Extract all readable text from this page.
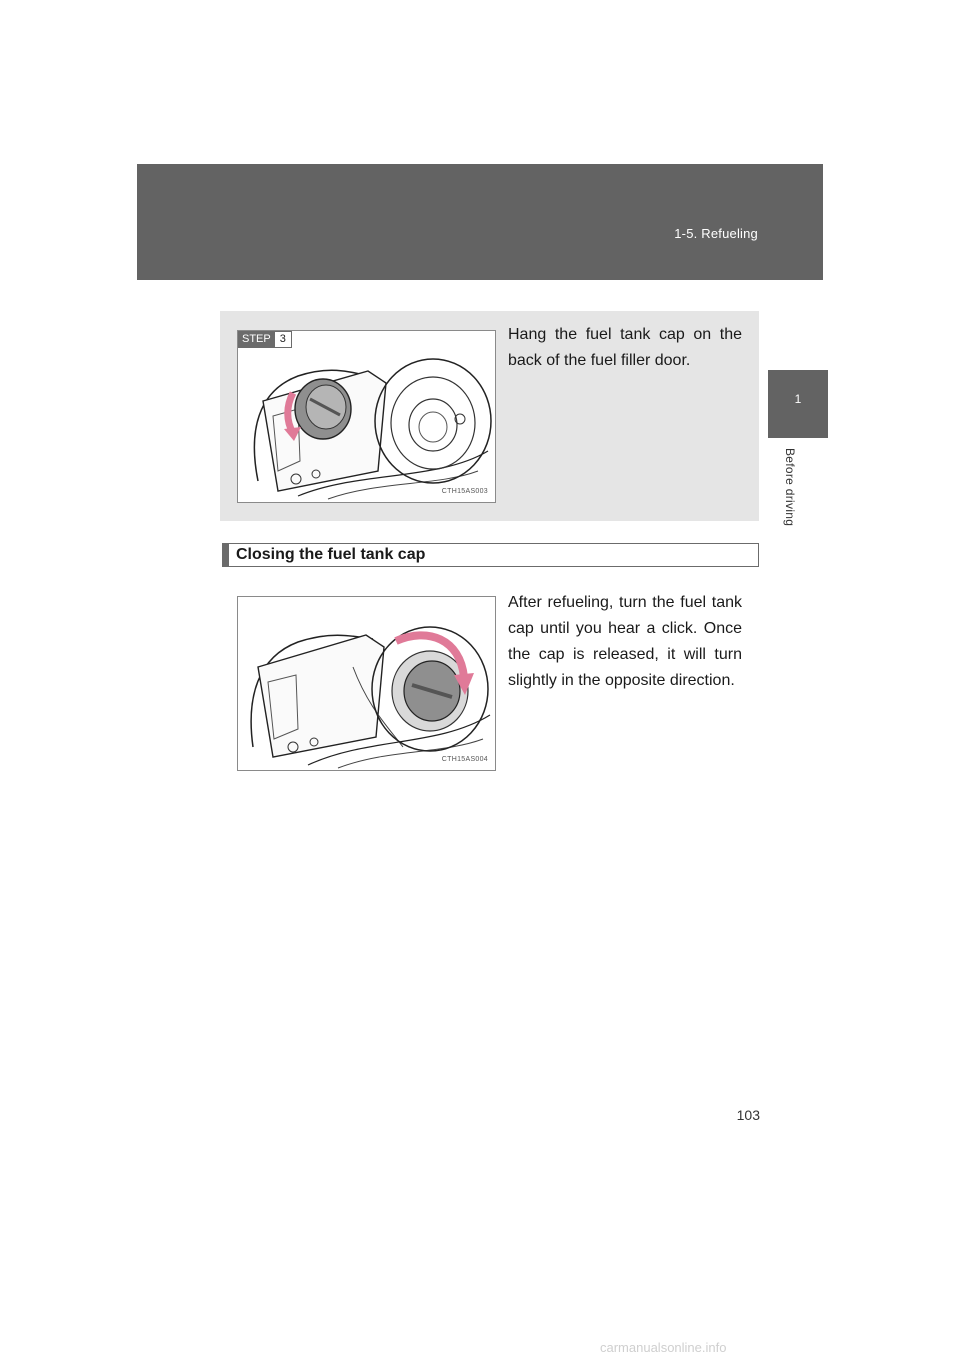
1-5. Refueling
1
Before driving
STEP 3
CTH15AS003
Hang the fuel tank cap on the back of the fuel filler door.
Closing the fuel tank cap
CTH15AS004
After refueling, turn the fuel tank cap until you hear a click. Once the cap is released, it will turn slightly in the opposite direction.
103
carmanualsonline.info
